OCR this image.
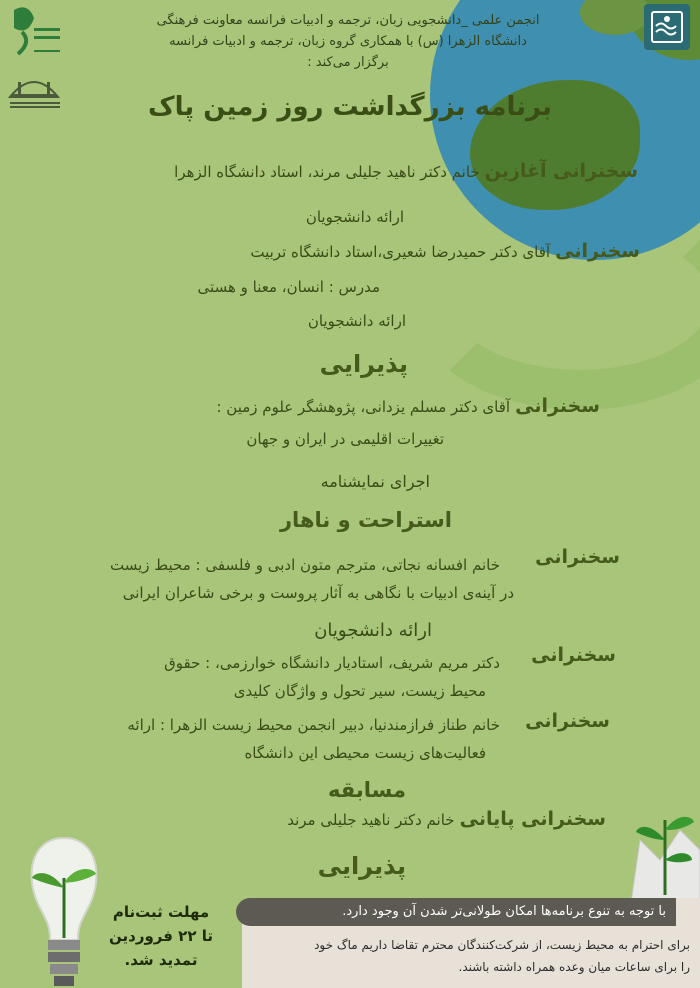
انجمن علمی _دانشجویی زبان، ترجمه و ادبیات فرانسه معاونت فرهنگی
دانشگاه الزهرا (س) با همکاری گروه زبان، ترجمه و ادبیات فرانسه
برگزار می‌کند :
برنامه بزرگداشت روز زمین پاک
سخنرانی آغازین خانم دکتر ناهید جلیلی مرند، استاد دانشگاه الزهرا
ارائه دانشجویان
سخنرانی آقای دکتر حمیدرضا شعیری،استاد دانشگاه تربیت
مدرس : انسان، معنا و هستی
ارائه دانشجویان
پذیرایی
سخنرانی آقای دکتر مسلم یزدانی، پژوهشگر علوم زمین :
تغییرات اقلیمی در ایران و جهان
اجرای نمایشنامه
استراحت و ناهار
سخنرانی
خانم افسانه نجاتی، مترجم متون ادبی و فلسفی : محیط زیست
در آینه‌ی ادبیات با نگاهی به آثار پروست و برخی شاعران ایرانی
ارائه دانشجویان
سخنرانی
دکتر مریم شریف، استادیار دانشگاه خوارزمی، : حقوق
محیط زیست، سیر تحول و واژگان کلیدی
سخنرانی
خانم طناز فرازمندنیا، دبیر انجمن محیط زیست الزهرا : ارائه
فعالیت‌های زیست محیطی این دانشگاه
مسابقه
سخنرانی پایانی خانم دکتر ناهید جلیلی مرند
پذیرایی
مهلت ثبت‌نام
تا ۲۲ فروردین
تمدید شد.
با توجه به تنوع برنامه‌ها امکان طولانی‌تر شدن آن وجود دارد.
برای احترام به محیط زیست، از شرکت‌کنندگان محترم تقاضا داریم ماگ خود
را برای ساعات میان وعده همراه داشته باشند.
